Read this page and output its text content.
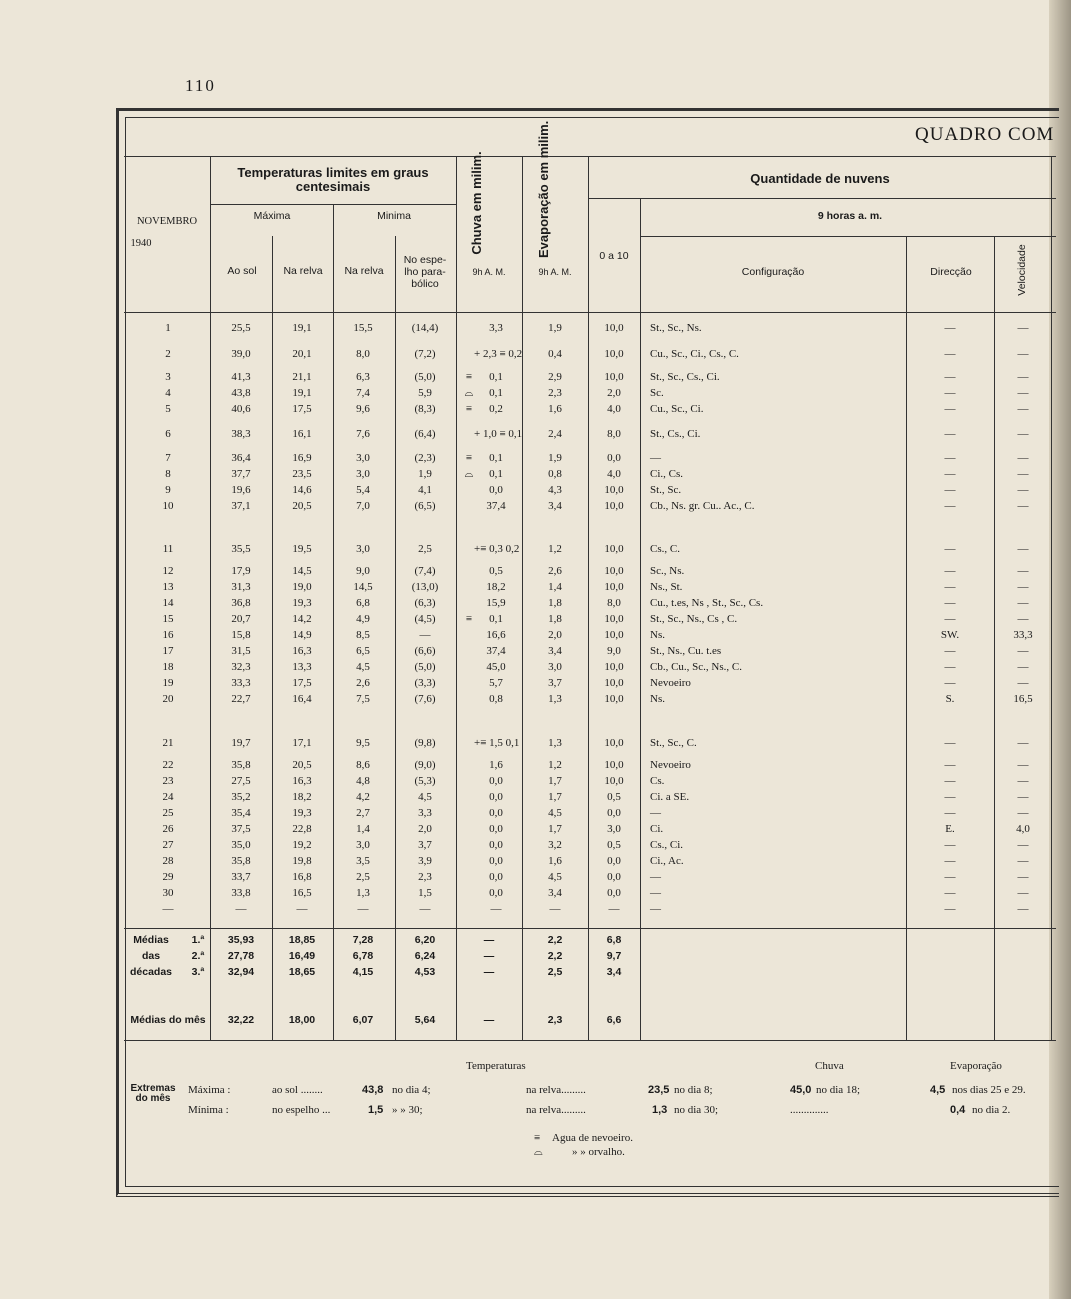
110
QUADRO COM
NOVEMBRO
1940
Temperaturas limites em graus centesimais
Máxima	Minima
Ao sol	Na relva	Na relva
No espe- lho para- bólico
Chuva em milim.	Evaporação em milim.
9h A. M.	9h A. M.
Quantidade de nuvens
9 horas a. m.
0 a 10
Configuração	Direcção	Velocidade
1	25,5	19,1	15,5	(14,4)	3,3	1,9	10,0	St., Sc., Ns.	—	—
2	39,0	20,1	8,0	(7,2)	+ 2,3 ≡ 0,2	0,4	10,0	Cu., Sc., Ci., Cs., C.	—	—
3	41,3	21,1	6,3	(5,0)	≡	0,1	2,9	10,0	St., Sc., Cs., Ci.	—	—
4	43,8	19,1	7,4	5,9	⌓	0,1	2,3	2,0	Sc.	—	—
5	40,6	17,5	9,6	(8,3)	≡	0,2	1,6	4,0	Cu., Sc., Ci.	—	—
6	38,3	16,1	7,6	(6,4)	+ 1,0 ≡ 0,1	2,4	8,0	St., Cs., Ci.	—	—
7	36,4	16,9	3,0	(2,3)	≡	0,1	1,9	0,0	—	—	—
8	37,7	23,5	3,0	1,9	⌓	0,1	0,8	4,0	Ci., Cs.	—	—
9	19,6	14,6	5,4	4,1	0,0	4,3	10,0	St., Sc.	—	—
10	37,1	20,5	7,0	(6,5)	37,4	3,4	10,0	Cb., Ns. gr. Cu.. Ac., C.	—	—
11	35,5	19,5	3,0	2,5	+≡ 0,3 0,2	1,2	10,0	Cs., C.	—	—
12	17,9	14,5	9,0	(7,4)	0,5	2,6	10,0	Sc., Ns.	—	—
13	31,3	19,0	14,5	(13,0)	18,2	1,4	10,0	Ns., St.	—	—
14	36,8	19,3	6,8	(6,3)	15,9	1,8	8,0	Cu., t.es, Ns , St., Sc., Cs.	—	—
15	20,7	14,2	4,9	(4,5)	≡	0,1	1,8	10,0	St., Sc., Ns., Cs , C.	—	—
16	15,8	14,9	8,5	—	16,6	2,0	10,0	Ns.	SW.	33,3
17	31,5	16,3	6,5	(6,6)	37,4	3,4	9,0	St., Ns., Cu. t.es	—	—
18	32,3	13,3	4,5	(5,0)	45,0	3,0	10,0	Cb., Cu., Sc., Ns., C.	—	—
19	33,3	17,5	2,6	(3,3)	5,7	3,7	10,0	Nevoeiro	—	—
20	22,7	16,4	7,5	(7,6)	0,8	1,3	10,0	Ns.	S.	16,5
21	19,7	17,1	9,5	(9,8)	+≡ 1,5 0,1	1,3	10,0	St., Sc., C.	—	—
22	35,8	20,5	8,6	(9,0)	1,6	1,2	10,0	Nevoeiro	—	—
23	27,5	16,3	4,8	(5,3)	0,0	1,7	10,0	Cs.	—	—
24	35,2	18,2	4,2	4,5	0,0	1,7	0,5	Ci. a SE.	—	—
25	35,4	19,3	2,7	3,3	0,0	4,5	0,0	—	—	—
26	37,5	22,8	1,4	2,0	0,0	1,7	3,0	Ci.	E.	4,0
27	35,0	19,2	3,0	3,7	0,0	3,2	0,5	Cs., Ci.	—	—
28	35,8	19,8	3,5	3,9	0,0	1,6	0,0	Ci., Ac.	—	—
29	33,7	16,8	2,5	2,3	0,0	4,5	0,0	—	—	—
30	33,8	16,5	1,3	1,5	0,0	3,4	0,0	—	—	—
—	—	—	—	—	—	—	—	—	—	—
Médias
das
décadas
1.ª	35,93	18,85	7,28	6,20	—	2,2	6,8
2.ª	27,78	16,49	6,78	6,24	—	2,2	9,7
3.ª	32,94	18,65	4,15	4,53	—	2,5	3,4
Médias do mês	32,22	18,00	6,07	5,64	—	2,3	6,6
Temperaturas	Chuva	Evaporação
Extremas do mês
Máxima :
Mínima :
ao sol ........	43,8 no dia 4;	na relva.........	23,5 no dia 8;	45,0 no dia 18;	4,5 nos dias 25 e 29.
no espelho ...	1,5 » » 30;	na relva.........	1,3 no dia 30;	..............	0,4 no dia 2.
≡ Agua de nevoeiro.
⌓	» » orvalho.
